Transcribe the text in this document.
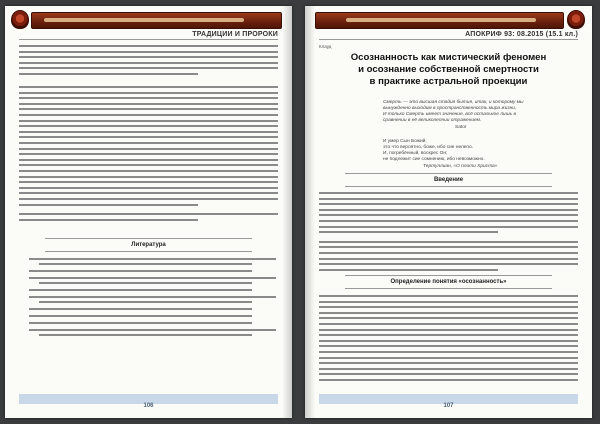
ТРАДИЦИИ И ПРОРОКИ
Литература
106
АПОКРИФ 93: 08.2015 (15.1 кл.)
Клауд
Осознанность как мистический феномен
и осознание собственной смертности
в практике астральной проекции
Смерть — это высшая стадия бытия, итак, и которому мы
вынужденно выходим в пространственность мира жизни,
И только Смерть имеет значение, всё остальное лишь в
сравнении в её великолепнии отражением.
Sator
И умер Сын Божий,
это что вероятно, боже, ибо сие нелепо.
И, погребённый, воскрес Он;
не подлежит сие сомнению, ибо невозможно.
Тертуллиан, «О плоти Христа»
Введение
Определение понятия «осознанность»
107
